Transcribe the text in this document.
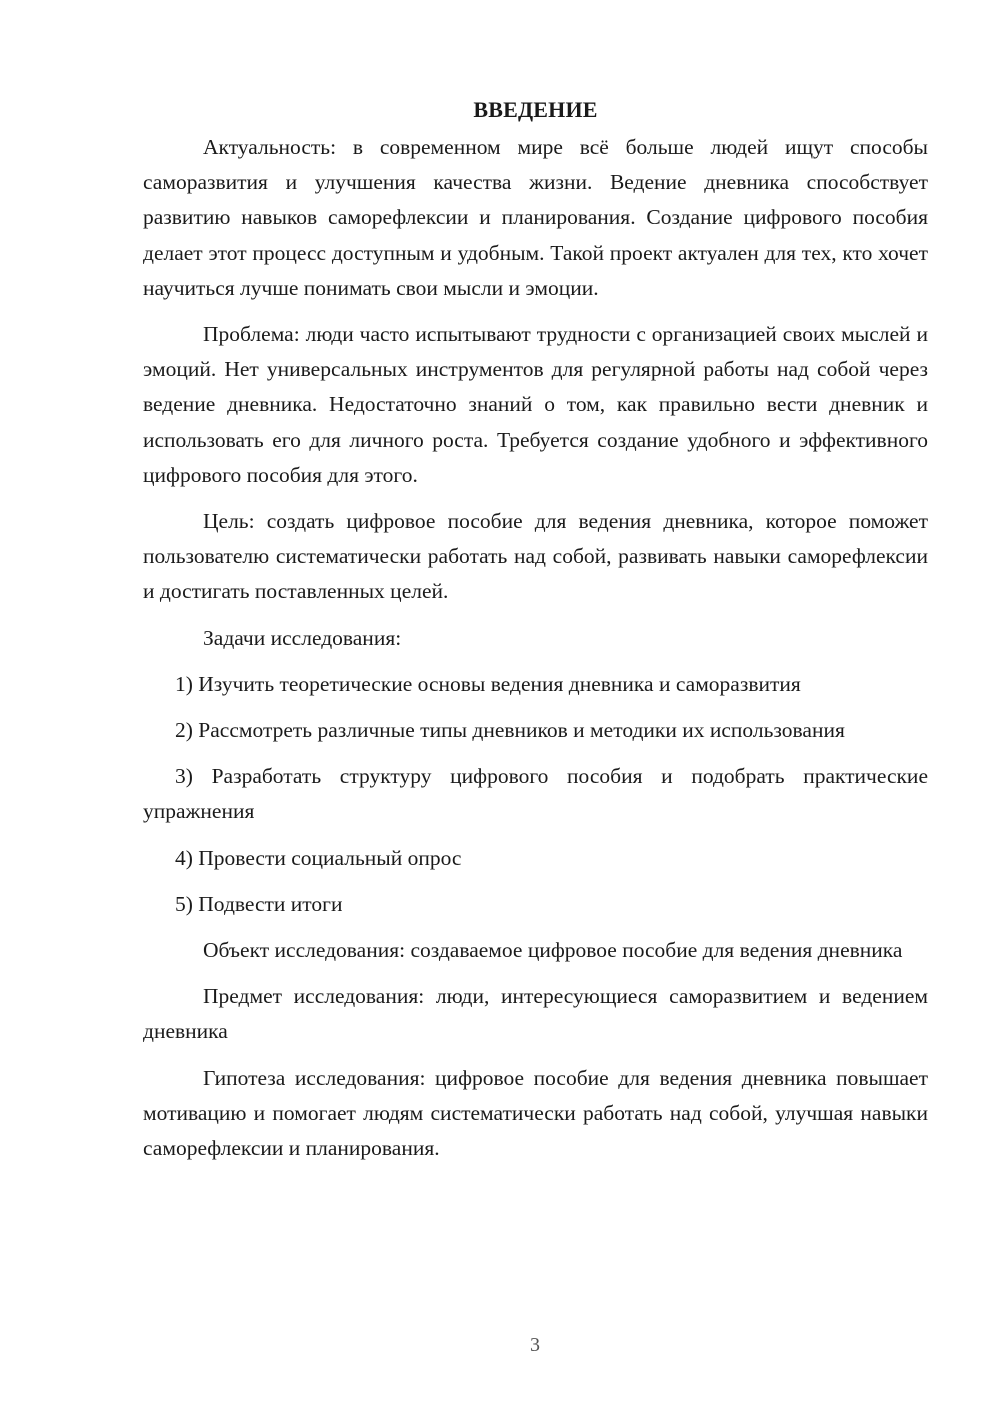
ВВЕДЕНИЕ

Актуальность: в современном мире всё больше людей ищут способы саморазвития и улучшения качества жизни. Ведение дневника способствует развитию навыков саморефлексии и планирования. Создание цифрового пособия делает этот процесс доступным и удобным. Такой проект актуален для тех, кто хочет научиться лучше понимать свои мысли и эмоции.

Проблема: люди часто испытывают трудности с организацией своих мыслей и эмоций. Нет универсальных инструментов для регулярной работы над собой через ведение дневника. Недостаточно знаний о том, как правильно вести дневник и использовать его для личного роста. Требуется создание удобного и эффективного цифрового пособия для этого.

Цель: создать цифровое пособие для ведения дневника, которое поможет пользователю систематически работать над собой, развивать навыки саморефлексии и достигать поставленных целей.

Задачи исследования:

1) Изучить теоретические основы ведения дневника и саморазвития

2) Рассмотреть различные типы дневников и методики их использования

3) Разработать структуру цифрового пособия и подобрать практические упражнения

4) Провести социальный опрос

5) Подвести итоги

Объект исследования: создаваемое цифровое пособие для ведения дневника

Предмет исследования: люди, интересующиеся саморазвитием и ведением дневника

Гипотеза исследования: цифровое пособие для ведения дневника повышает мотивацию и помогает людям систематически работать над собой, улучшая навыки саморефлексии и планирования.

3
